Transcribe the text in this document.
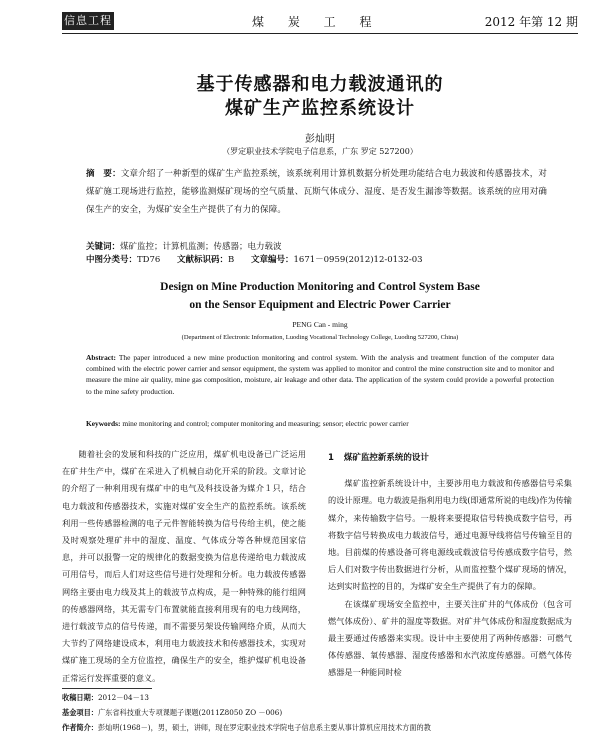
信息工程	煤 炭 工 程	2012 年第 12 期
基于传感器和电力载波通讯的
煤矿生产监控系统设计
彭灿明
（罗定职业技术学院电子信息系，广东 罗定 527200）
摘　要：文章介绍了一种新型的煤矿生产监控系统，该系统利用计算机数据分析处理功能结合电力载波和传感器技术，对煤矿施工现场进行监控，能够监测煤矿现场的空气质量、瓦斯气体成分、湿度、是否发生漏渗等数据。该系统的应用对确保生产的安全，为煤矿安全生产提供了有力的保障。
关键词：煤矿监控；计算机监测；传感器；电力载波
中图分类号：TD76 文献标识码：B 文章编号：1671－0959(2012)12-0132-03
Design on Mine Production Monitoring and Control System Base
on the Sensor Equipment and Electric Power Carrier
PENG Can - ming
(Department of Electronic Information, Luoding Vocational Technology College, Luoding 527200, China)
Abstract: The paper introduced a new mine production monitoring and control system. With the analysis and treatment function of the computer data combined with the electric power carrier and sensor equipment, the system was applied to monitor and control the mine construction site and to monitor and measure the mine air quality, mine gas composition, moisture, air leakage and other data. The application of the system could provide a powerful protection to the mine safety production.
Keywords: mine monitoring and control; computer monitoring and measuring; sensor; electric power carrier

随着社会的发展和科技的广泛应用，煤矿机电设备已广泛运用在矿井生产中，煤矿在采进入了机械自动化开采的阶段。文章讨论的介绍了一种利用现有煤矿中的电气及科技设备为媒介１只，结合电力载波和传感器技术，实施对煤矿安全生产的监控系统。该系统利用一些传感器检测的电子元件智能转换为信号传给主机，使之能及时观察处理矿井中的湿度、温度、气体成分等各种规范国家信息，并可以报警一定的规律化的数据变换为信息传递给电力载波成可用信号，而后人们对这些信号进行处理和分析。电力载波传感器网络主要由电力线及其上的载波节点构成，是一种特殊的能行组网的传感器网络，其无需专门布置就能直接利用现有的电力线网络，进行载波节点的信号传递，而不需要另架设传输网络介质，从而大大节约了网络建设成本，利用电力载波技术和传感器技术，实现对煤矿施工现场的全方位监控，确保生产的安全，维护煤矿机电设备正常运行发挥重要的意义。

1 煤矿监控新系统的设计

煤矿监控新系统设计中，主要涉用电力载波和传感器信号采集的设计原理。电力载波是指利用电力线(即通常所说的电线)作为传输媒介，来传输数字信号。一般将来要提取信号转换成数字信号，再将数字信号转换成电力载波信号，通过电源导线将信号传输至目的地。目前煤的传感设备可将电源线或载波信号传感成数字信号，然后人们对数字传出数据进行分析，从而监控整个煤矿现场的情况，达到实时监控的目的，为煤矿安全生产提供了有力的保障。

在该煤矿现场安全监控中，主要关注矿井的气体成份（包含可燃气体成份）、矿井的湿度等数据。对矿井气体成份和湿度数据成为最主要通过传感器来实现。设计中主要使用了两种传感器：可燃气体传感器、氧传感器、湿度传感器和水汽浓度传感器。可燃气体传感器是一种能同时检

收稿日期：2012－04－13
基金项目：广东省科技重大专项课题子课题(2011Z8050 ZO －006)
作者简介：彭灿明(1968－)，男，硕士，讲师，现在罗定职业技术学院电子信息系主要从事计算机应用技术方面的教
